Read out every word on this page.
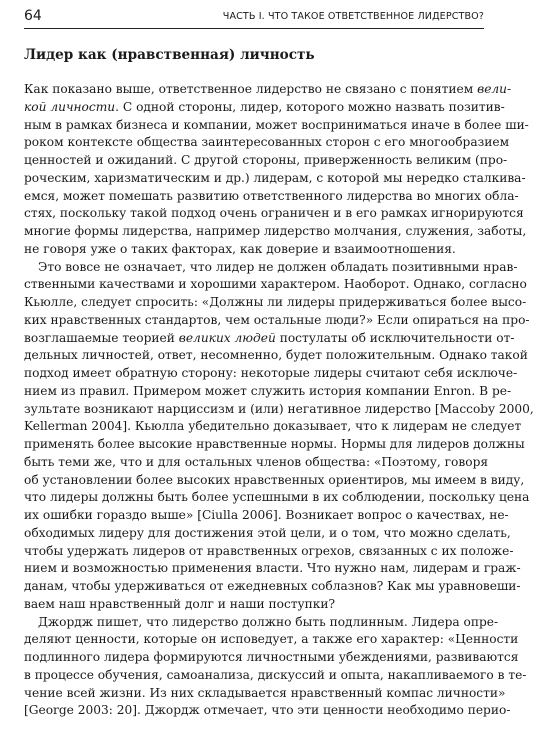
64	ЧАСТЬ I. ЧТО ТАКОЕ ОТВЕТСТВЕННОЕ ЛИДЕРСТВО?
Лидер как (нравственная) личность
Как показано выше, ответственное лидерство не связано с понятием вели-
кой личности. С одной стороны, лидер, которого можно назвать позитив-
ным в рамках бизнеса и компании, может восприниматься иначе в более ши-
роком контексте общества заинтересованных сторон с его многообразием
ценностей и ожиданий. С другой стороны, приверженность великим (про-
роческим, харизматическим и др.) лидерам, с которой мы нередко сталкива-
емся, может помешать развитию ответственного лидерства во многих обла-
стях, поскольку такой подход очень ограничен и в его рамках игнорируются
многие формы лидерства, например лидерство молчания, служения, заботы,
не говоря уже о таких факторах, как доверие и взаимоотношения.
Это вовсе не означает, что лидер не должен обладать позитивными нрав-
ственными качествами и хорошими характером. Наоборот. Однако, согласно
Кьюлле, следует спросить: «Должны ли лидеры придерживаться более высо-
ких нравственных стандартов, чем остальные люди?» Если опираться на про-
возглашаемые теорией великих людей постулаты об исключительности от-
дельных личностей, ответ, несомненно, будет положительным. Однако такой
подход имеет обратную сторону: некоторые лидеры считают себя исключе-
нием из правил. Примером может служить история компании Enron. В ре-
зультате возникают нарциссизм и (или) негативное лидерство [Maccoby 2000,
Kellerman 2004]. Кьюлла убедительно доказывает, что к лидерам не следует
применять более высокие нравственные нормы. Нормы для лидеров должны
быть теми же, что и для остальных членов общества: «Поэтому, говоря
об установлении более высоких нравственных ориентиров, мы имеем в виду,
что лидеры должны быть более успешными в их соблюдении, поскольку цена
их ошибки гораздо выше» [Ciulla 2006]. Возникает вопрос о качествах, не-
обходимых лидеру для достижения этой цели, и о том, что можно сделать,
чтобы удержать лидеров от нравственных огрехов, связанных с их положе-
нием и возможностью применения власти. Что нужно нам, лидерам и граж-
данам, чтобы удерживаться от ежедневных соблазнов? Как мы уравновеши-
ваем наш нравственный долг и наши поступки?
Джордж пишет, что лидерство должно быть подлинным. Лидера опре-
деляют ценности, которые он исповедует, а также его характер: «Ценности
подлинного лидера формируются личностными убеждениями, развиваются
в процессе обучения, самоанализа, дискуссий и опыта, накапливаемого в те-
чение всей жизни. Из них складывается нравственный компас личности»
[George 2003: 20]. Джордж отмечает, что эти ценности необходимо перио-
